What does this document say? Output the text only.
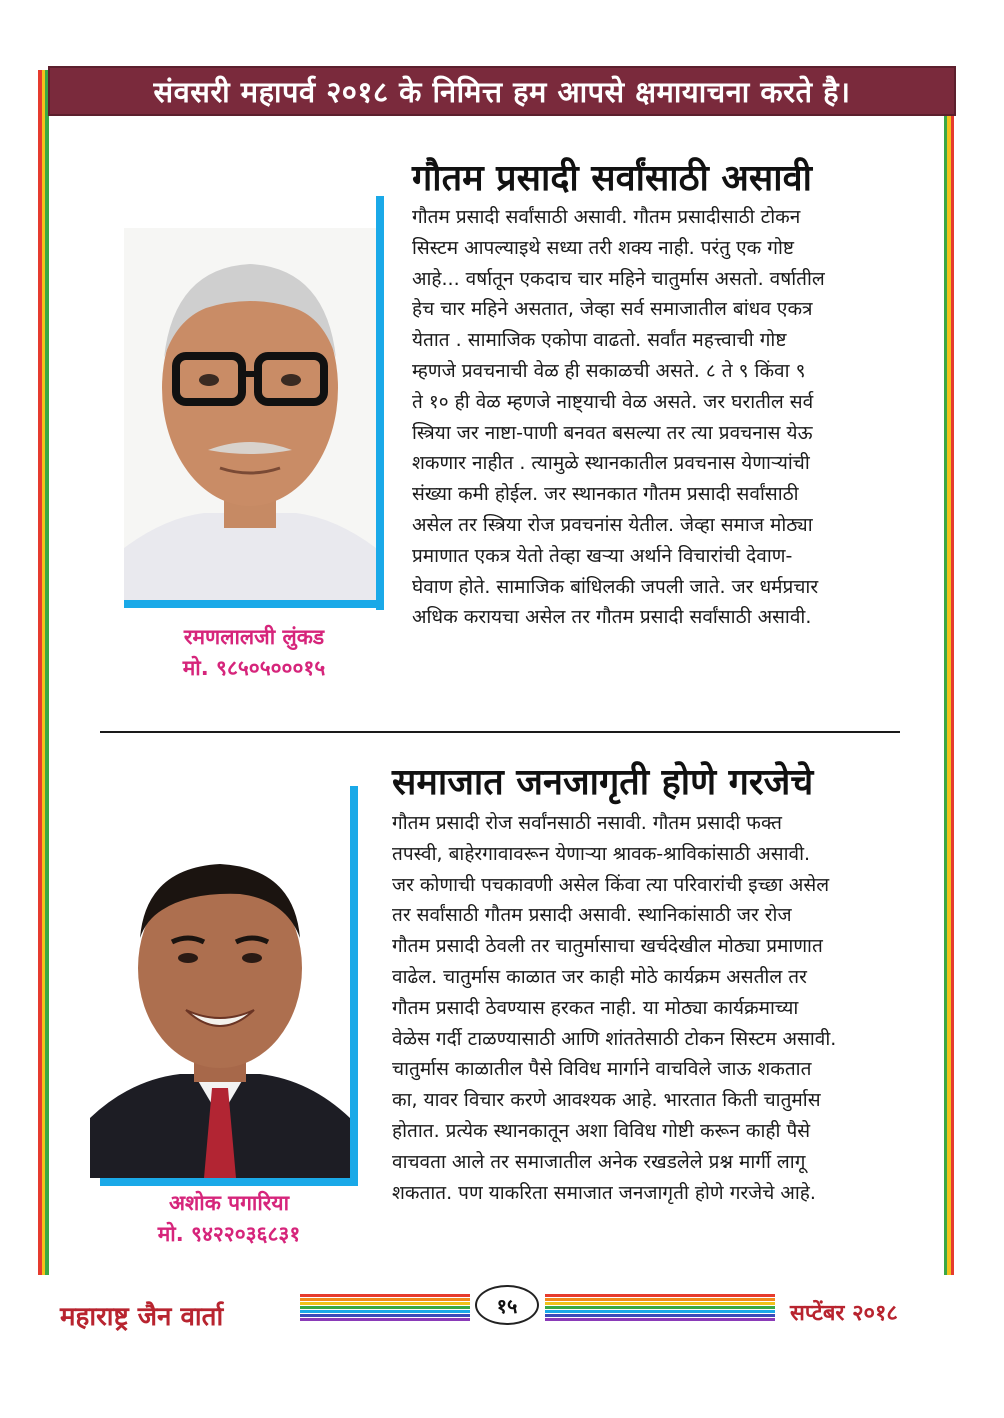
संवसरी महापर्व २०१८ के निमित्त हम आपसे क्षमायाचना करते है।
गौतम प्रसादी सर्वांसाठी असावी

गौतम प्रसादी सर्वांसाठी असावी. गौतम प्रसादीसाठी टोकन

सिस्टम आपल्याइथे सध्या तरी शक्य नाही. परंतु एक गोष्ट

आहे... वर्षातून एकदाच चार महिने चातुर्मास असतो. वर्षातील

हेच चार महिने असतात, जेव्हा सर्व समाजातील बांधव एकत्र

येतात . सामाजिक एकोपा वाढतो. सर्वांत महत्त्वाची गोष्ट

म्हणजे प्रवचनाची वेळ ही सकाळची असते. ८ ते ९ किंवा ९

ते १० ही वेळ म्हणजे नाष्ट्याची वेळ असते. जर घरातील सर्व

स्त्रिया जर नाष्टा-पाणी बनवत बसल्या तर त्या प्रवचनास येऊ

शकणार नाहीत . त्यामुळे स्थानकातील प्रवचनास येणाऱ्यांची

संख्या कमी होईल. जर स्थानकात गौतम प्रसादी सर्वांसाठी

असेल तर स्त्रिया रोज प्रवचनांस येतील. जेव्हा समाज मोठ्या

प्रमाणात एकत्र येतो तेव्हा खऱ्या अर्थाने विचारांची देवाण-

घेवाण होते. सामाजिक बांधिलकी जपली जाते. जर धर्मप्रचार

अधिक करायचा असेल तर गौतम प्रसादी सर्वांसाठी असावी.

रमणलालजी लुंकड
मो. ९८५०५०००१५
समाजात जनजागृती होणे गरजेचे

गौतम प्रसादी रोज सर्वांनसाठी नसावी. गौतम प्रसादी फक्त

तपस्वी, बाहेरगावावरून येणाऱ्या श्रावक-श्राविकांसाठी असावी.

जर कोणाची पचकावणी असेल किंवा त्या परिवारांची इच्छा असेल

तर सर्वांसाठी गौतम प्रसादी असावी. स्थानिकांसाठी जर रोज

गौतम प्रसादी ठेवली तर चातुर्मासाचा खर्चदेखील मोठ्या प्रमाणात

वाढेल. चातुर्मास काळात जर काही मोठे कार्यक्रम असतील तर

गौतम प्रसादी ठेवण्यास हरकत नाही. या मोठ्या कार्यक्रमाच्या

वेळेस गर्दी टाळण्यासाठी आणि शांततेसाठी टोकन सिस्टम असावी.

चातुर्मास काळातील पैसे विविध मार्गाने वाचविले जाऊ शकतात

का, यावर विचार करणे आवश्यक आहे. भारतात किती चातुर्मास

होतात. प्रत्येक स्थानकातून अशा विविध गोष्टी करून काही पैसे

वाचवता आले तर समाजातील अनेक रखडलेले प्रश्न मार्गी लागू

शकतात. पण याकरिता समाजात जनजागृती होणे गरजेचे आहे.

अशोक पगारिया
मो. ९४२२०३६८३१
महाराष्ट्र जैन वार्ता	१५	सप्टेंबर २०१८
